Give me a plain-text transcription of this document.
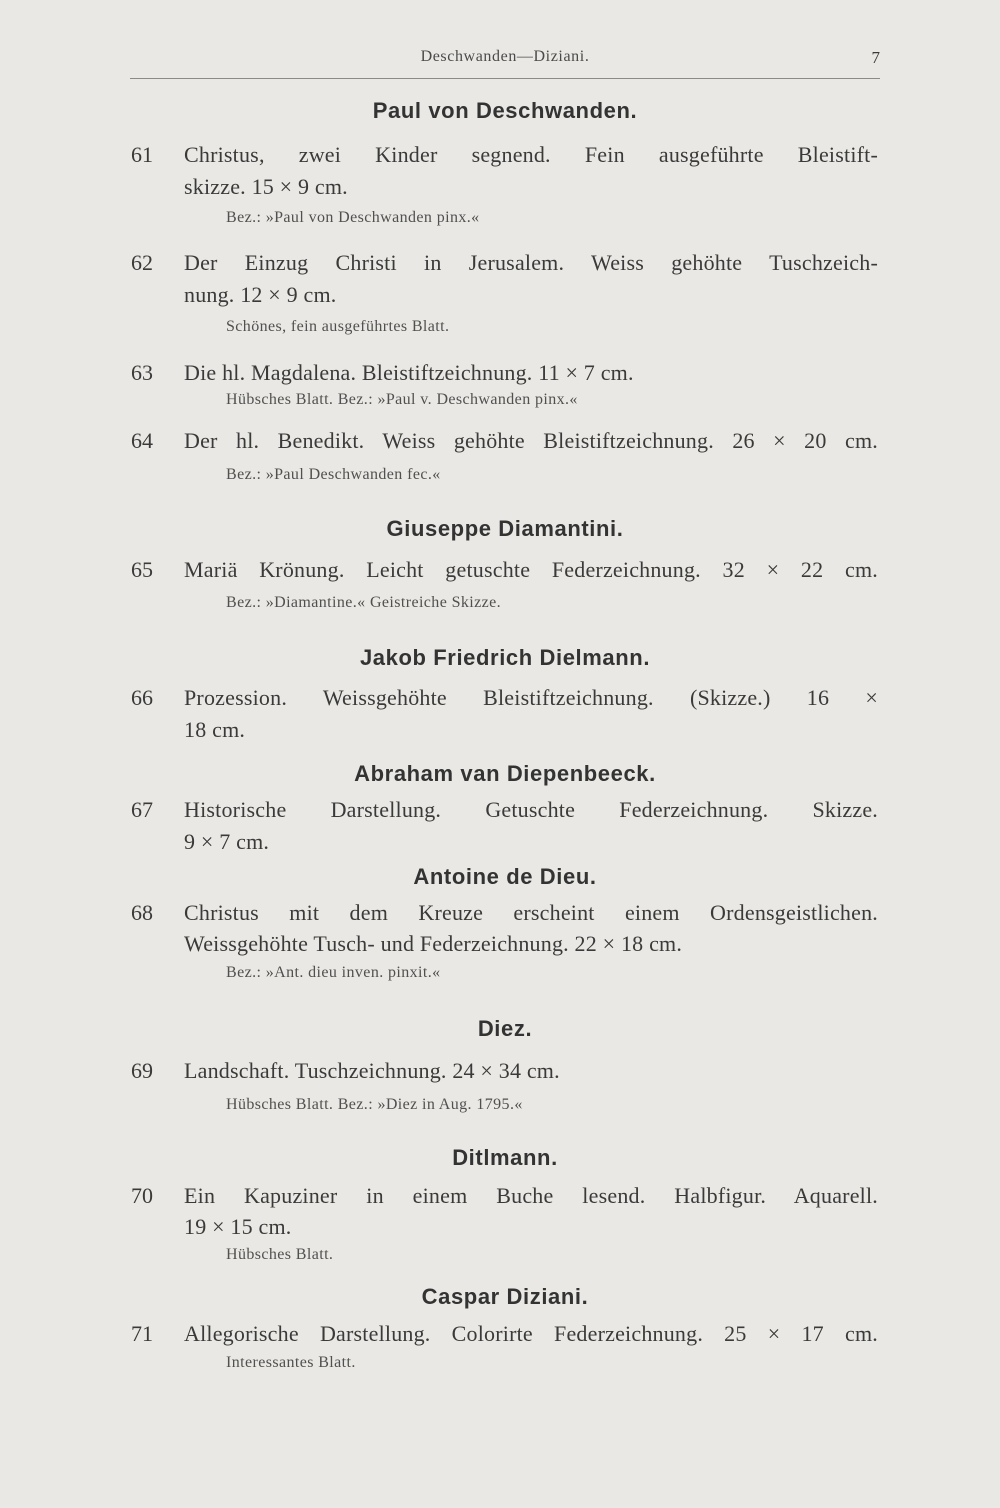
Deschwanden—Diziani.	7
Paul von Deschwanden.
61 Christus, zwei Kinder segnend. Fein ausgeführte Bleistift-
skizze. 15 × 9 cm.
Bez.: »Paul von Deschwanden pinx.«
62 Der Einzug Christi in Jerusalem. Weiss gehöhte Tuschzeich-
nung. 12 × 9 cm.
Schönes, fein ausgeführtes Blatt.
63 Die hl. Magdalena. Bleistiftzeichnung. 11 × 7 cm.
Hübsches Blatt. Bez.: »Paul v. Deschwanden pinx.«
64 Der hl. Benedikt. Weiss gehöhte Bleistiftzeichnung. 26 × 20 cm.
Bez.: »Paul Deschwanden fec.«
Giuseppe Diamantini.
65 Mariä Krönung. Leicht getuschte Federzeichnung. 32 × 22 cm.
Bez.: »Diamantine.« Geistreiche Skizze.
Jakob Friedrich Dielmann.
66 Prozession. Weissgehöhte Bleistiftzeichnung. (Skizze.) 16 ×
18 cm.
Abraham van Diepenbeeck.
67 Historische Darstellung. Getuschte Federzeichnung. Skizze.
9 × 7 cm.
Antoine de Dieu.
68 Christus mit dem Kreuze erscheint einem Ordensgeistlichen.
Weissgehöhte Tusch- und Federzeichnung. 22 × 18 cm.
Bez.: »Ant. dieu inven. pinxit.«
Diez.
69 Landschaft. Tuschzeichnung. 24 × 34 cm.
Hübsches Blatt. Bez.: »Diez in Aug. 1795.«
Ditlmann.
70 Ein Kapuziner in einem Buche lesend. Halbfigur. Aquarell.
19 × 15 cm.
Hübsches Blatt.
Caspar Diziani.
71 Allegorische Darstellung. Colorirte Federzeichnung. 25 × 17 cm.
Interessantes Blatt.
